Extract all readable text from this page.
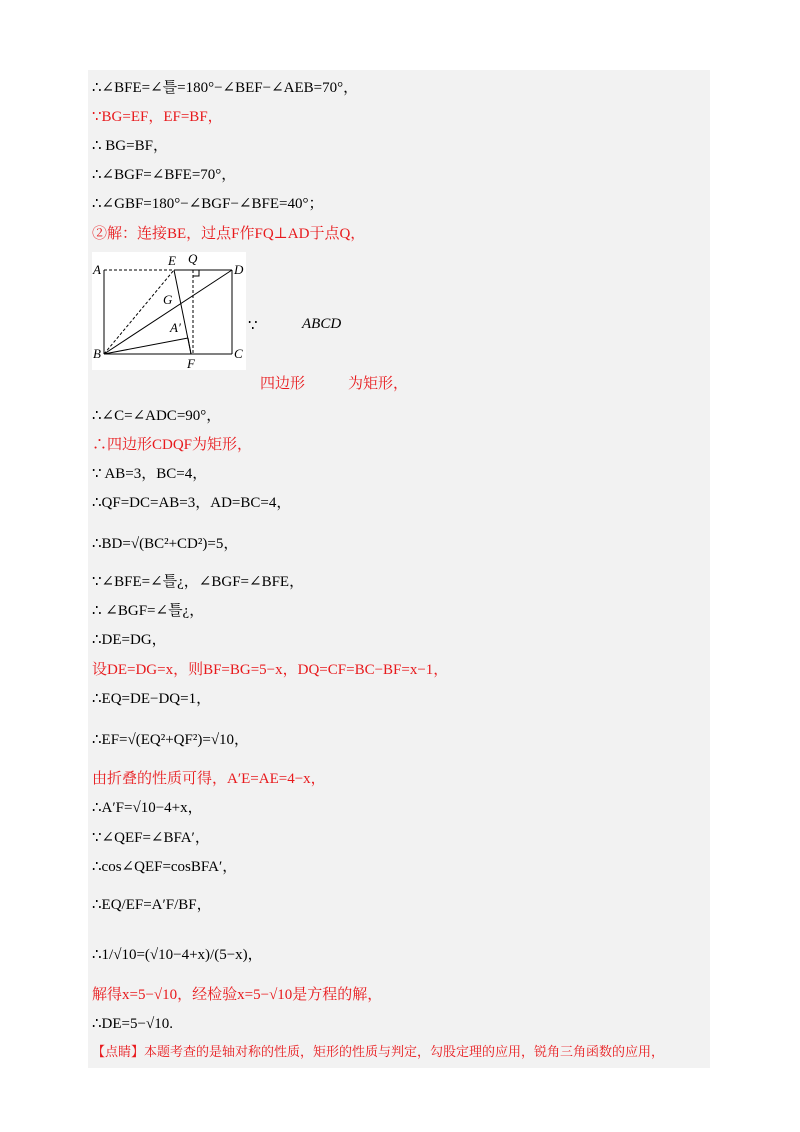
∴∠BFE=∠틀=180°−∠BEF−∠AEB=70°，
∵BG=EF，EF=BF，
∴ BG=BF，
∴∠BGF=∠BFE=70°，
∴∠GBF=180°−∠BGF−∠BFE=40°；
②解：连接BE，过点F作FQ⊥AD于点Q，
A
E Q
D
G
A′
B
F
C
∵	ABCD
四边形	为矩形，
∴∠C=∠ADC=90°，
∴四边形CDQF为矩形，
∵ AB=3，BC=4，
∴QF=DC=AB=3，AD=BC=4，
∴BD=√(BC²+CD²)=5，
∵∠BFE=∠틀¿，∠BGF=∠BFE，
∴ ∠BGF=∠틀¿，
∴DE=DG，
设DE=DG=x，则BF=BG=5−x，DQ=CF=BC−BF=x−1，
∴EQ=DE−DQ=1，
∴EF=√(EQ²+QF²)=√10，
由折叠的性质可得，A′E=AE=4−x，
∴A′F=√10−4+x，
∵∠QEF=∠BFA′，
∴cos∠QEF=cosBFA′，
∴EQ/EF=A′F/BF，
∴1/√10=(√10−4+x)/(5−x)，
解得x=5−√10，经检验x=5−√10是方程的解，
∴DE=5−√10.
【点睛】本题考查的是轴对称的性质，矩形的性质与判定，勾股定理的应用，锐角三角函数的应用，
